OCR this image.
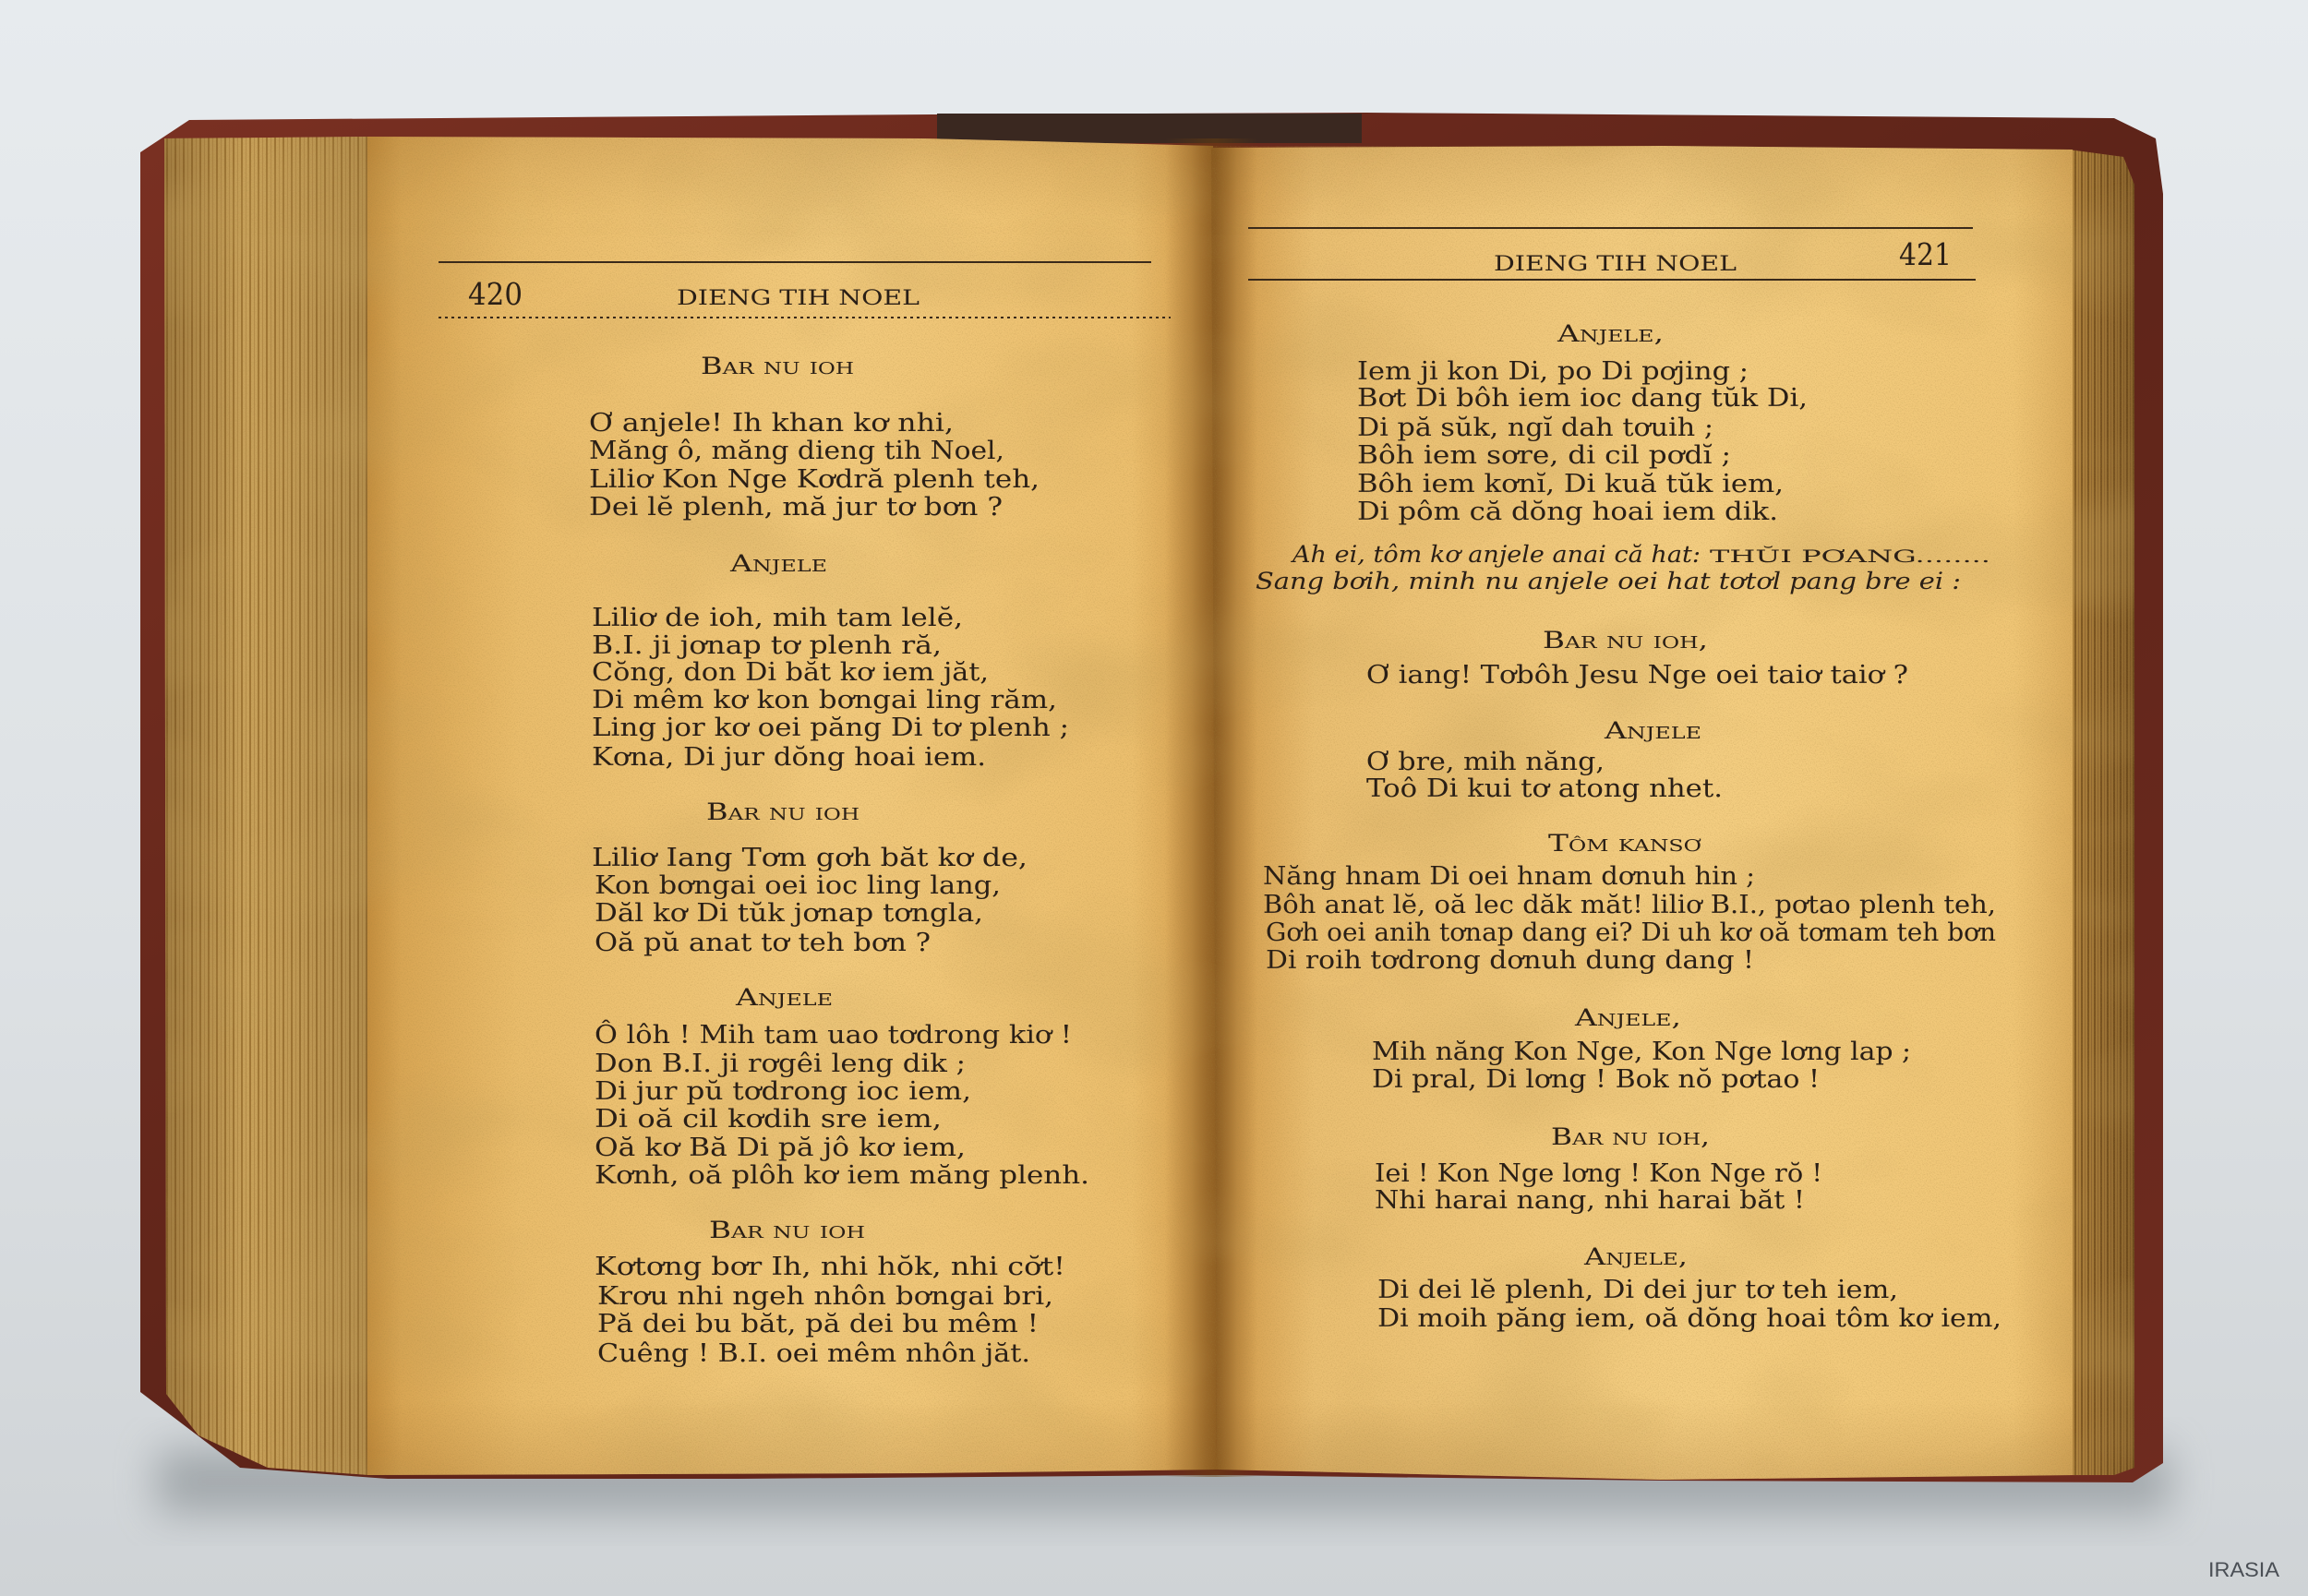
420	DIENG TIH NOEL
Bar nu ioh
Ơ anjele! Ih khan kơ nhi,
Măng ô, măng dieng tih Noel,
Liliơ Kon Nge Kơdră plenh teh,
Dei lĕ plenh, mă jur tơ bơn ?
Anjele
Liliơ de ioh, mih tam lelĕ,
B.I. ji jơnap tơ plenh ră,
Cŏng, don Di băt kơ iem jăt,
Di mêm kơ kon bơngai ling răm,
Ling jor kơ oei păng Di tơ plenh ;
Kơna, Di jur dŏng hoai iem.
Bar nu ioh
Liliơ Iang Tơm gơh băt kơ de,
Kon bơngai oei ioc ling lang,
Dăl kơ Di tŭk jơnap tơngla,
Oă pŭ anat tơ teh bơn ?
Anjele
Ô lôh ! Mih tam uao tơdrong kiơ !
Don B.I. ji rơgêi leng dik ;
Di jur pŭ tơdrong ioc iem,
Di oă cil kơdih sre iem,
Oă kơ Bă Di pă jô kơ iem,
Kơnh, oă plôh kơ iem măng plenh.
Bar nu ioh
Kơtơng bơr Ih, nhi hŏk, nhi cơ̆t!
Krơu nhi ngeh nhôn bơngai bri,
Pă dei bu băt, pă dei bu mêm !
Cuêng ! B.I. oei mêm nhôn jăt.
DIENG TIH NOEL	421
Anjele,
Iem ji kon Di, po Di pơjing ;
Bơt Di bôh iem ioc dang tŭk Di,
Di pă sŭk, ngĭ dah tơuih ;
Bôh iem sơre, di cil pơdĭ ;
Bôh iem kơnĭ, Di kuă tŭk iem,
Di pôm că dŏng hoai iem dik.
Ah ei, tôm kơ anjele anai că hat: THŬI PƠANG........
Sang bơih, minh nu anjele oei hat tơtơl pang bre ei :
Bar nu ioh,
Ơ iang! Tơbôh Jesu Nge oei taiơ taiơ ?
Anjele
Ơ bre, mih năng,
Toô Di kui tơ atong nhet.
Tôm kansơ
Năng hnam Di oei hnam dơnuh hin ;
Bôh anat lĕ, oă lec dăk măt! liliơ B.I., pơtao plenh teh,
Gơh oei anih tơnap dang ei? Di uh kơ oă tơmam teh bơn
Di roih tơdrong dơnuh dung dang !
Anjele,
Mih năng Kon Nge, Kon Nge lơng lap ;
Di pral, Di lơng ! Bok nŏ pơtao !
Bar nu ioh,
Iei ! Kon Nge lơng ! Kon Nge rŏ !
Nhi harai nang, nhi harai băt !
Anjele,
Di dei lĕ plenh, Di dei jur tơ teh iem,
Di moih păng iem, oă dŏng hoai tôm kơ iem,
IRASIA
